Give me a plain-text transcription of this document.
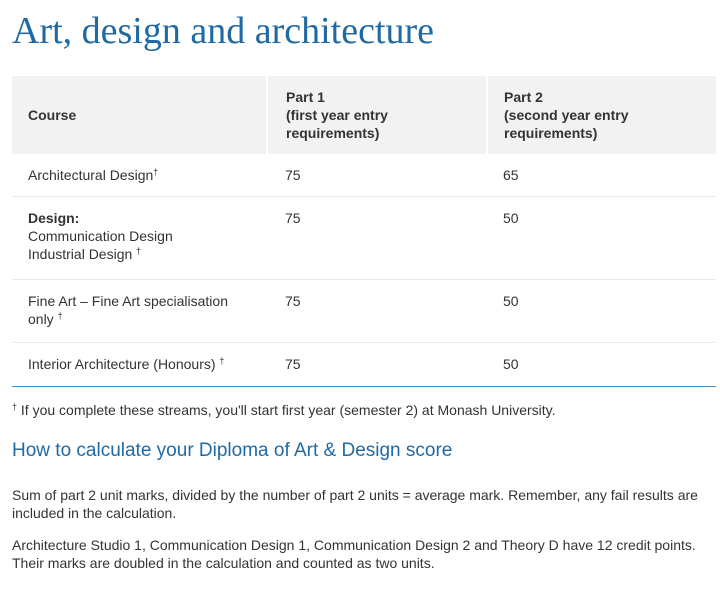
Art, design and architecture
Course	Part 1
(first year entry
requirements)	Part 2
(second year entry
requirements)
Architectural Design†	75	65
Design:
Communication Design
Industrial Design †	75	50
Fine Art – Fine Art specialisation
only †	75	50
Interior Architecture (Honours) †	75	50

† If you complete these streams, you'll start first year (semester 2) at Monash University.

How to calculate your Diploma of Art & Design score

Sum of part 2 unit marks, divided by the number of part 2 units = average mark. Remember, any fail results are included in the calculation.

Architecture Studio 1, Communication Design 1, Communication Design 2 and Theory D have 12 credit points. Their marks are doubled in the calculation and counted as two units.
